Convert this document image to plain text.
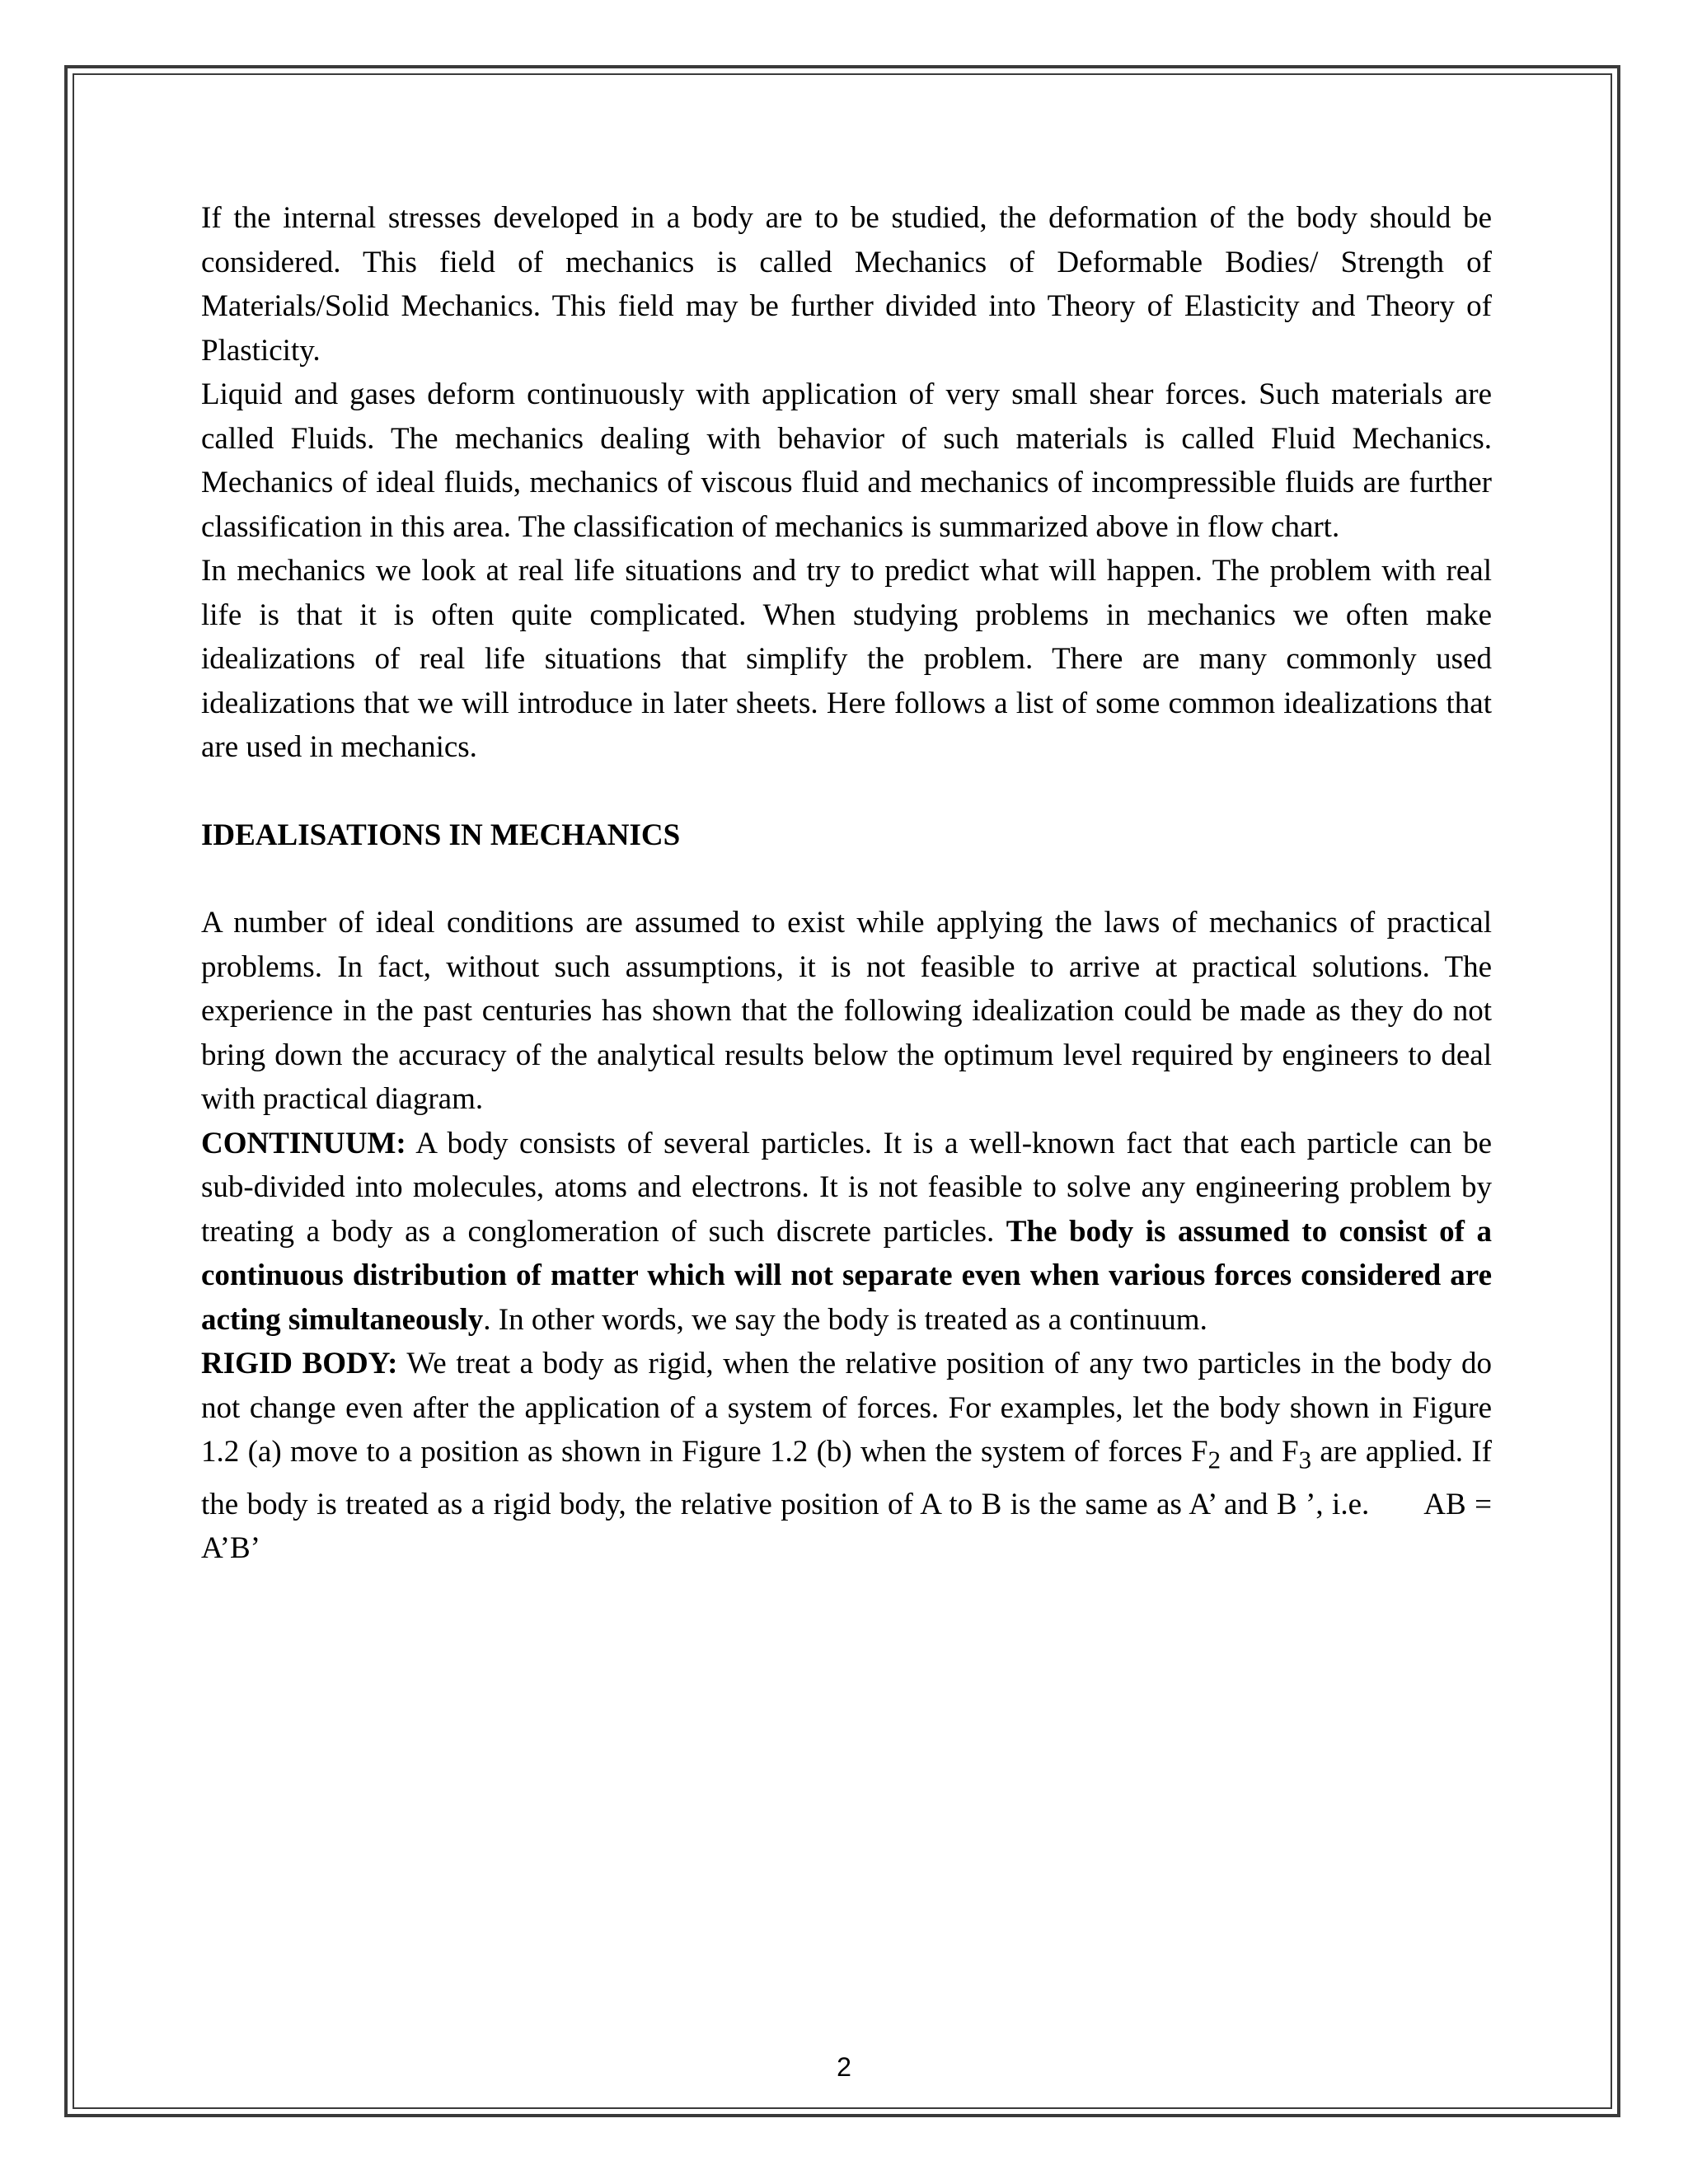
If the internal stresses developed in a body are to be studied, the deformation of the body should be considered. This field of mechanics is called Mechanics of Deformable Bodies/ Strength of Materials/Solid Mechanics. This field may be further divided into Theory of Elasticity and Theory of Plasticity.

Liquid and gases deform continuously with application of very small shear forces. Such materials are called Fluids. The mechanics dealing with behavior of such materials is called Fluid Mechanics. Mechanics of ideal fluids, mechanics of viscous fluid and mechanics of incompressible fluids are further classification in this area. The classification of mechanics is summarized above in flow chart.

In mechanics we look at real life situations and try to predict what will happen. The problem with real life is that it is often quite complicated. When studying problems in mechanics we often make idealizations of real life situations that simplify the problem. There are many commonly used idealizations that we will introduce in later sheets. Here follows a list of some common idealizations that are used in mechanics.

IDEALISATIONS IN MECHANICS

A number of ideal conditions are assumed to exist while applying the laws of mechanics of practical problems. In fact, without such assumptions, it is not feasible to arrive at practical solutions. The experience in the past centuries has shown that the following idealization could be made as they do not bring down the accuracy of the analytical results below the optimum level required by engineers to deal with practical diagram.

CONTINUUM: A body consists of several particles. It is a well-known fact that each particle can be sub-divided into molecules, atoms and electrons. It is not feasible to solve any engineering problem by treating a body as a conglomeration of such discrete particles. The body is assumed to consist of a continuous distribution of matter which will not separate even when various forces considered are acting simultaneously. In other words, we say the body is treated as a continuum.

RIGID BODY: We treat a body as rigid, when the relative position of any two particles in the body do not change even after the application of a system of forces. For examples, let the body shown in Figure 1.2 (a) move to a position as shown in Figure 1.2 (b) when the system of forces $F_2$ and $F_3$ are applied. If the body is treated as a rigid body, the relative position of A to B is the same as A’ and B ’, i.e. AB = A’B’

2
